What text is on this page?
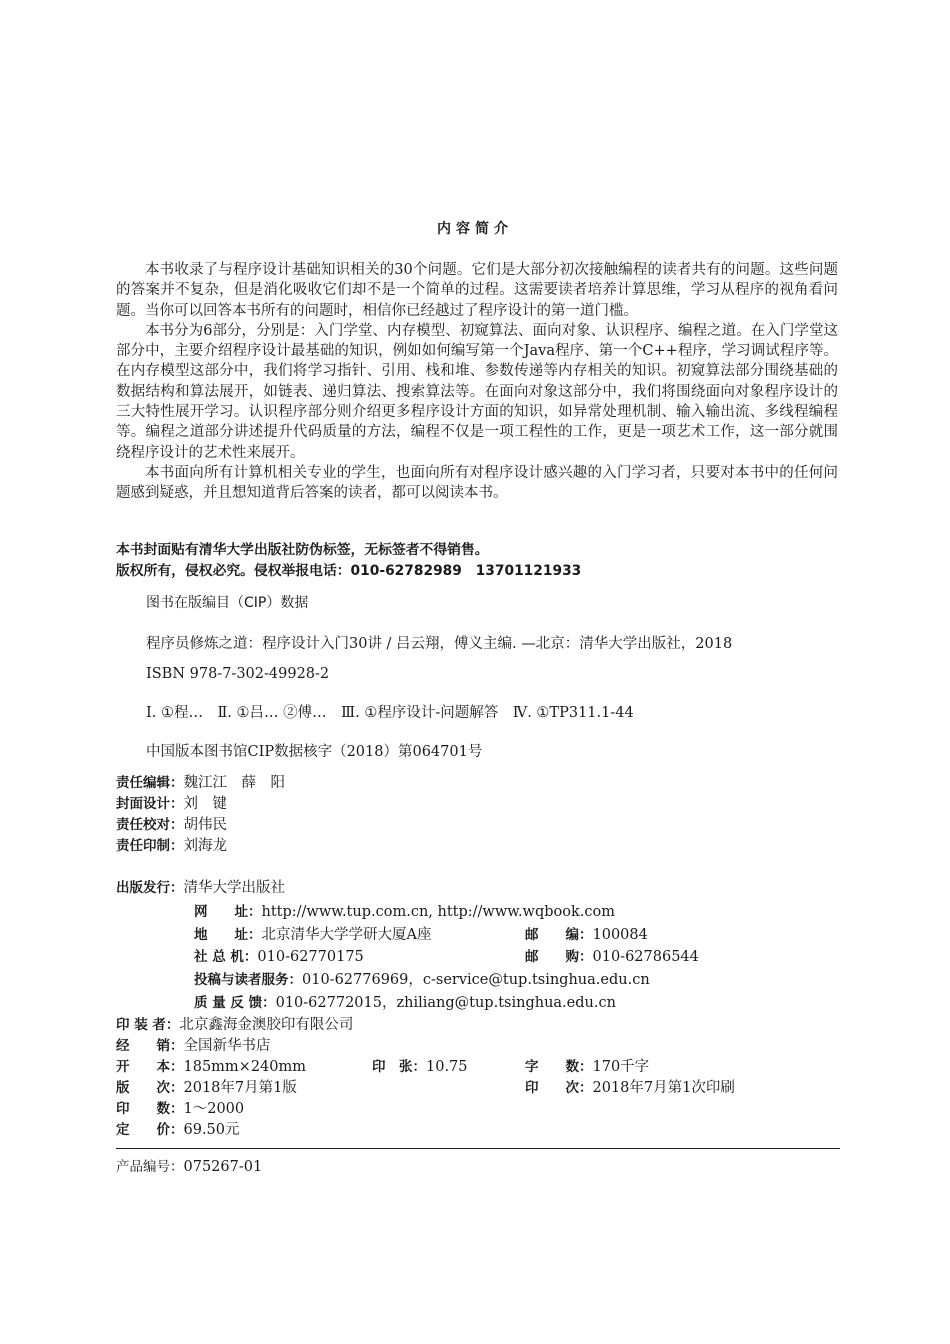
内容简介

本书收录了与程序设计基础知识相关的30个问题。它们是大部分初次接触编程的读者共有的问题。这些问题的答案并不复杂，但是消化吸收它们却不是一个简单的过程。这需要读者培养计算思维，学习从程序的视角看问题。当你可以回答本书所有的问题时，相信你已经越过了程序设计的第一道门槛。

本书分为6部分，分别是：入门学堂、内存模型、初窥算法、面向对象、认识程序、编程之道。在入门学堂这部分中，主要介绍程序设计最基础的知识，例如如何编写第一个Java程序、第一个C++程序，学习调试程序等。在内存模型这部分中，我们将学习指针、引用、栈和堆、参数传递等内存相关的知识。初窥算法部分围绕基础的数据结构和算法展开，如链表、递归算法、搜索算法等。在面向对象这部分中，我们将围绕面向对象程序设计的三大特性展开学习。认识程序部分则介绍更多程序设计方面的知识，如异常处理机制、输入输出流、多线程编程等。编程之道部分讲述提升代码质量的方法，编程不仅是一项工程性的工作，更是一项艺术工作，这一部分就围绕程序设计的艺术性来展开。

本书面向所有计算机相关专业的学生，也面向所有对程序设计感兴趣的入门学习者，只要对本书中的任何问题感到疑惑，并且想知道背后答案的读者，都可以阅读本书。

本书封面贴有清华大学出版社防伪标签，无标签者不得销售。
版权所有，侵权必究。侵权举报电话：010-62782989　13701121933
图书在版编目（CIP）数据
程序员修炼之道：程序设计入门30讲 / 吕云翔，傅义主编. —北京：清华大学出版社，2018
ISBN 978-7-302-49928-2
Ⅰ. ①程…　Ⅱ. ①吕… ②傅…　Ⅲ. ①程序设计-问题解答　Ⅳ. ①TP311.1-44
中国版本图书馆CIP数据核字（2018）第064701号
责任编辑：魏江江　薛　阳
封面设计：刘　键
责任校对：胡伟民
责任印制：刘海龙
出版发行：清华大学出版社
网　　址：http://www.tup.com.cn, http://www.wqbook.com
地　　址：北京清华大学学研大厦A座	邮　　编：100084
社 总 机：010-62770175	邮　　购：010-62786544
投稿与读者服务：010-62776969，c-service@tup.tsinghua.edu.cn
质 量 反 馈：010-62772015，zhiliang@tup.tsinghua.edu.cn
印 装 者：北京鑫海金澳胶印有限公司
经　　销：全国新华书店
开　　本：185mm×240mm	印　张：10.75	字　　数：170千字
版　　次：2018年7月第1版	印　　次：2018年7月第1次印刷
印　　数：1～2000
定　　价：69.50元
产品编号：075267-01
